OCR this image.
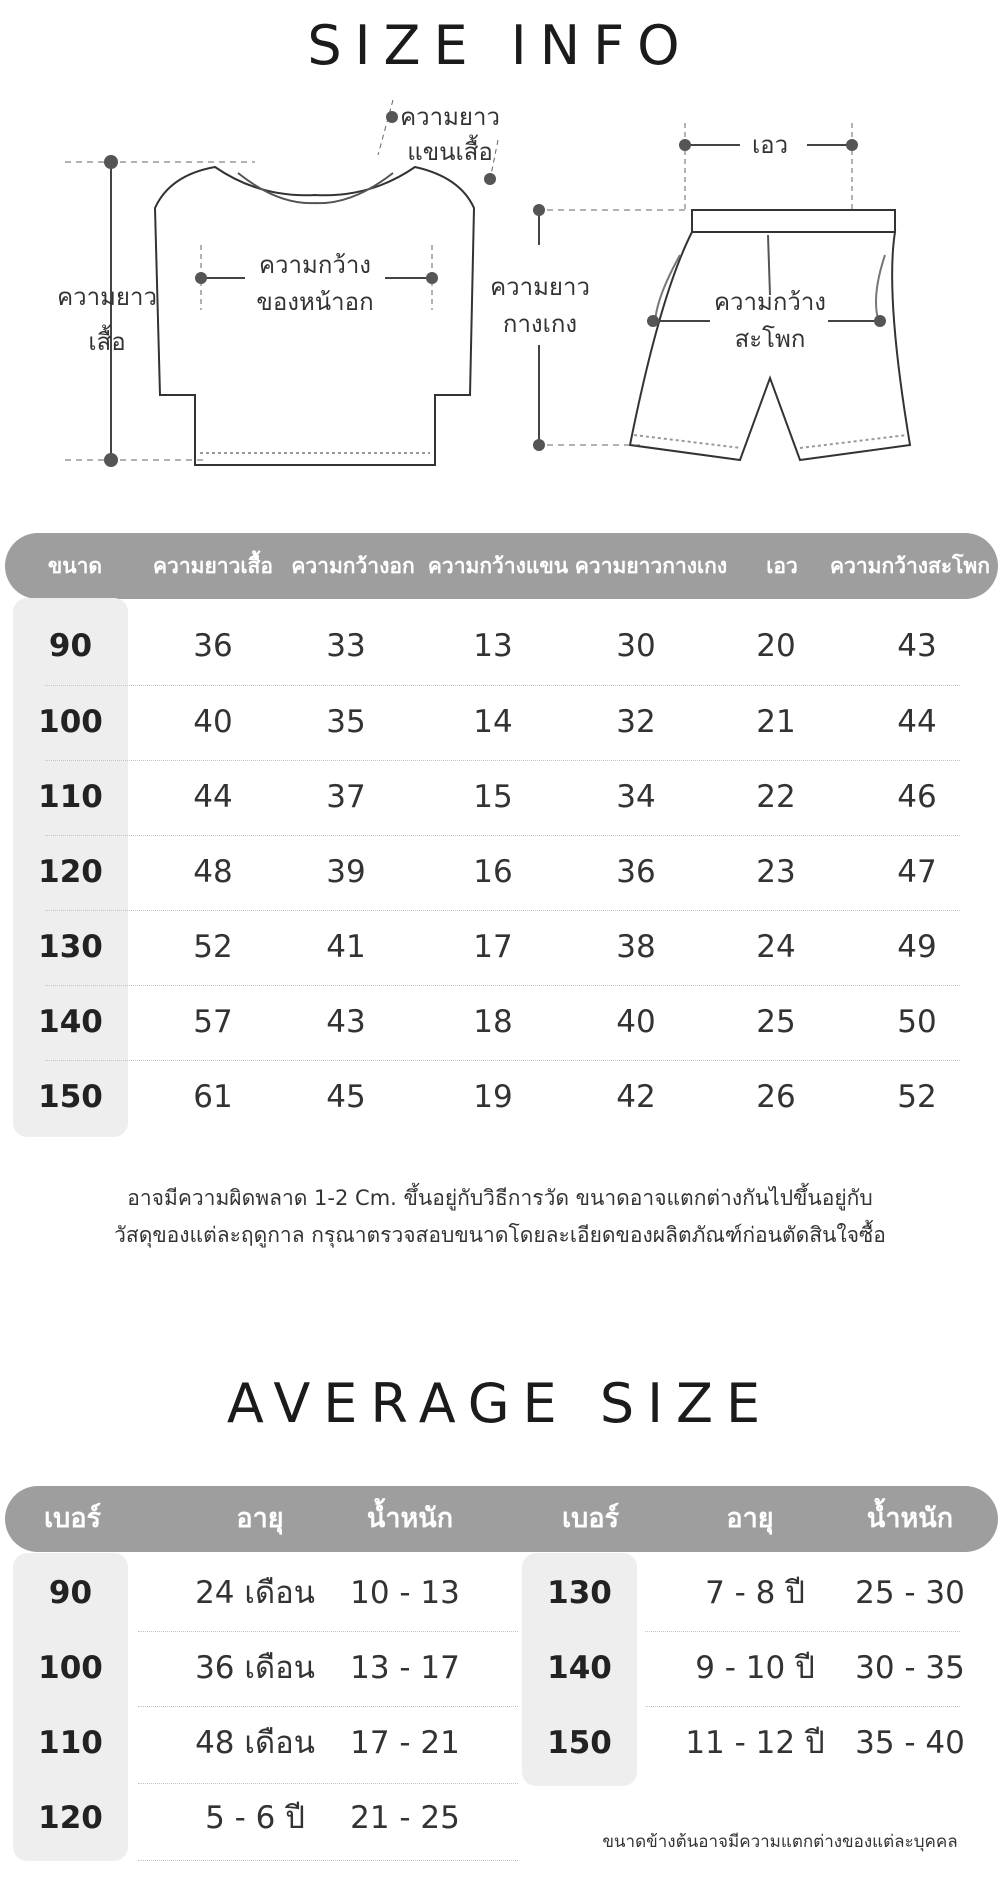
SIZE INFO
ความยาว
เสื้อ
ความยาว
แขนเสื้อ
ความกว้าง
ของหน้าอก
เอว
ความยาว
กางเกง
ความกว้าง
สะโพก
ขนาด	ความยาวเสื้อ ความกว้างอก ความกว้างแขน ความยาวกางเกง	เอว	ความกว้างสะโพก
90	36	33	13	30	20	43
100	40	35	14	32	21	44
110	44	37	15	34	22	46
120	48	39	16	36	23	47
130	52	41	17	38	24	49
140	57	43	18	40	25	50
150	61	45	19	42	26	52
อาจมีความผิดพลาด 1-2 Cm. ขึ้นอยู่กับวิธีการวัด ขนาดอาจแตกต่างกันไปขึ้นอยู่กับ
วัสดุของแต่ละฤดูกาล กรุณาตรวจสอบขนาดโดยละเอียดของผลิตภัณฑ์ก่อนตัดสินใจซื้อ
AVERAGE SIZE
เบอร์	อายุ	น้ำหนัก	เบอร์	อายุ	น้ำหนัก
90	24 เดือน	10 - 13
100	36 เดือน	13 - 17
110	48 เดือน	17 - 21
120	5 - 6 ปี	21 - 25
130	7 - 8 ปี	25 - 30
140	9 - 10 ปี	30 - 35
150	11 - 12 ปี 35 - 40
ขนาดข้างต้นอาจมีความแตกต่างของแต่ละบุคคล
